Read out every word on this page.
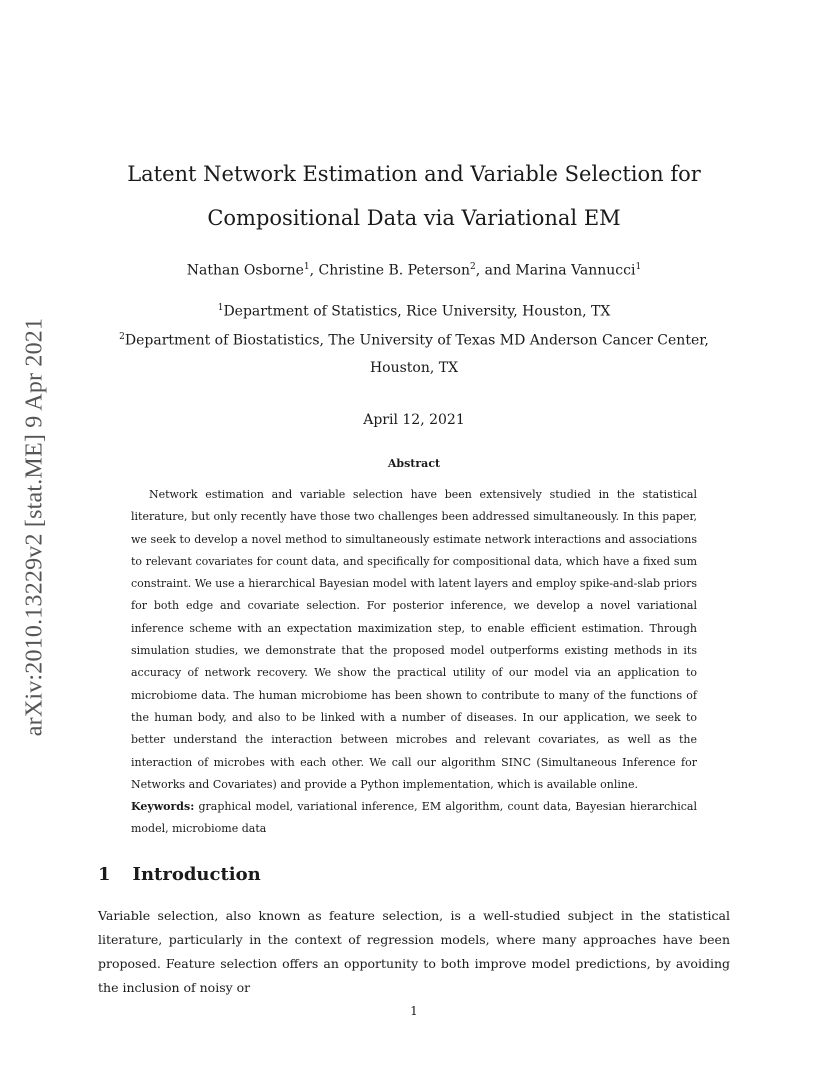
arXiv:2010.13229v2 [stat.ME] 9 Apr 2021
Latent Network Estimation and Variable Selection for
Compositional Data via Variational EM
Nathan Osborne$^1$, Christine B. Peterson$^2$, and Marina Vannucci$^1$
$^1$Department of Statistics, Rice University, Houston, TX
$^2$Department of Biostatistics, The University of Texas MD Anderson Cancer Center,
Houston, TX
April 12, 2021
Abstract

Network estimation and variable selection have been extensively studied in the statistical literature, but only recently have those two challenges been addressed simultaneously. In this paper, we seek to develop a novel method to simultaneously estimate network interactions and associations to relevant covariates for count data, and specifically for compositional data, which have a fixed sum constraint. We use a hierarchical Bayesian model with latent layers and employ spike-and-slab priors for both edge and covariate selection. For posterior inference, we develop a novel variational inference scheme with an expectation maximization step, to enable efficient estimation. Through simulation studies, we demonstrate that the proposed model outperforms existing methods in its accuracy of network recovery. We show the practical utility of our model via an application to microbiome data. The human microbiome has been shown to contribute to many of the functions of the human body, and also to be linked with a number of diseases. In our application, we seek to better understand the interaction between microbes and relevant covariates, as well as the interaction of microbes with each other. We call our algorithm SINC (Simultaneous Inference for Networks and Covariates) and provide a Python implementation, which is available online.

Keywords: graphical model, variational inference, EM algorithm, count data, Bayesian hierarchical model, microbiome data

1 Introduction

Variable selection, also known as feature selection, is a well-studied subject in the statistical literature, particularly in the context of regression models, where many approaches have been proposed. Feature selection offers an opportunity to both improve model predictions, by avoiding the inclusion of noisy or

1
